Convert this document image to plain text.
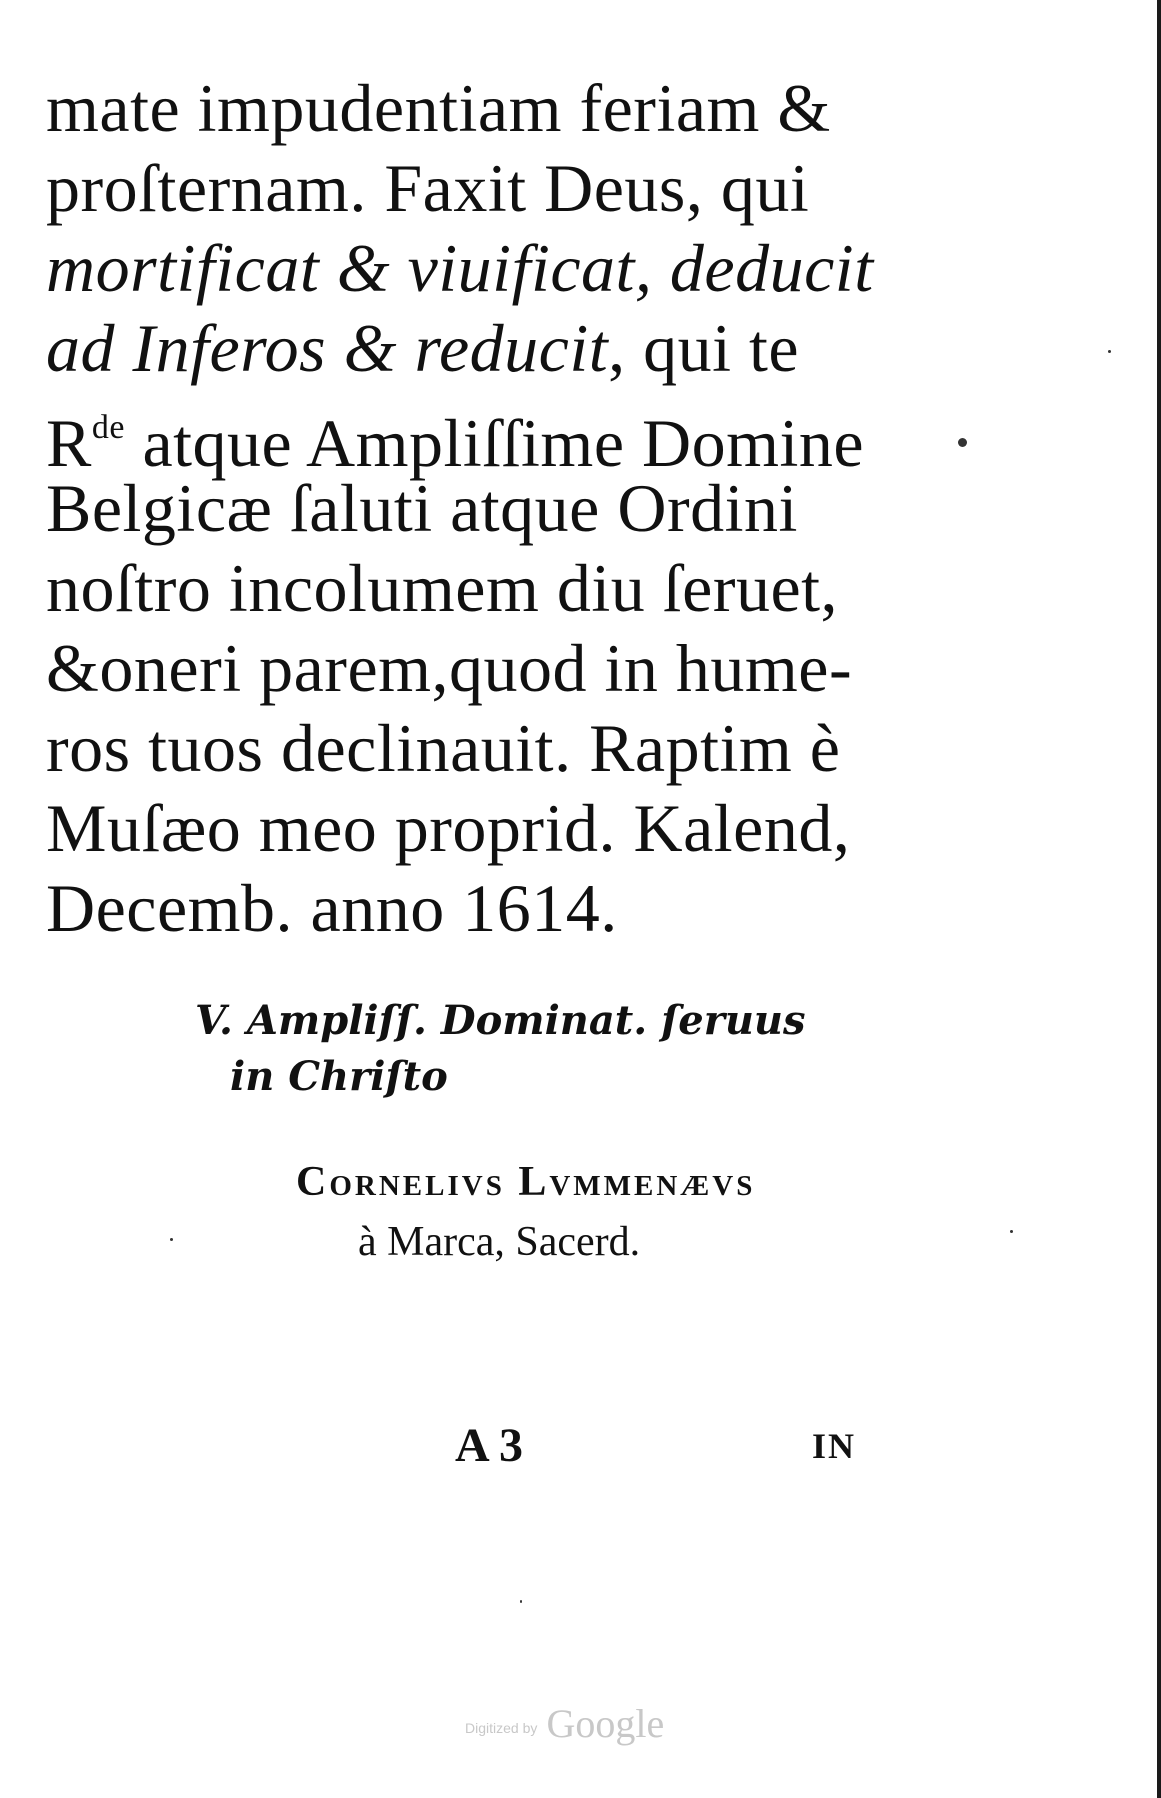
mate impudentiam feriam &
proſternam. Faxit Deus, qui
mortificat & viuificat, deducit
ad Inferos & reducit, qui te
$R^{de}$ atque Ampliſſime Domine
Belgicæ ſaluti atque Ordini
noſtro incolumem diu ſeruet,
&oneri parem,quod in hume-
ros tuos declinauit. Raptim è
Muſæo meo proprid. Kalend,
Decemb. anno 1614.
V. Ampliſſ. Dominat. ſeruus
in Chriſto
Cornelivs Lvmmenævs
à Marca, Sacerd.
A 3	IN
Digitized by Google
